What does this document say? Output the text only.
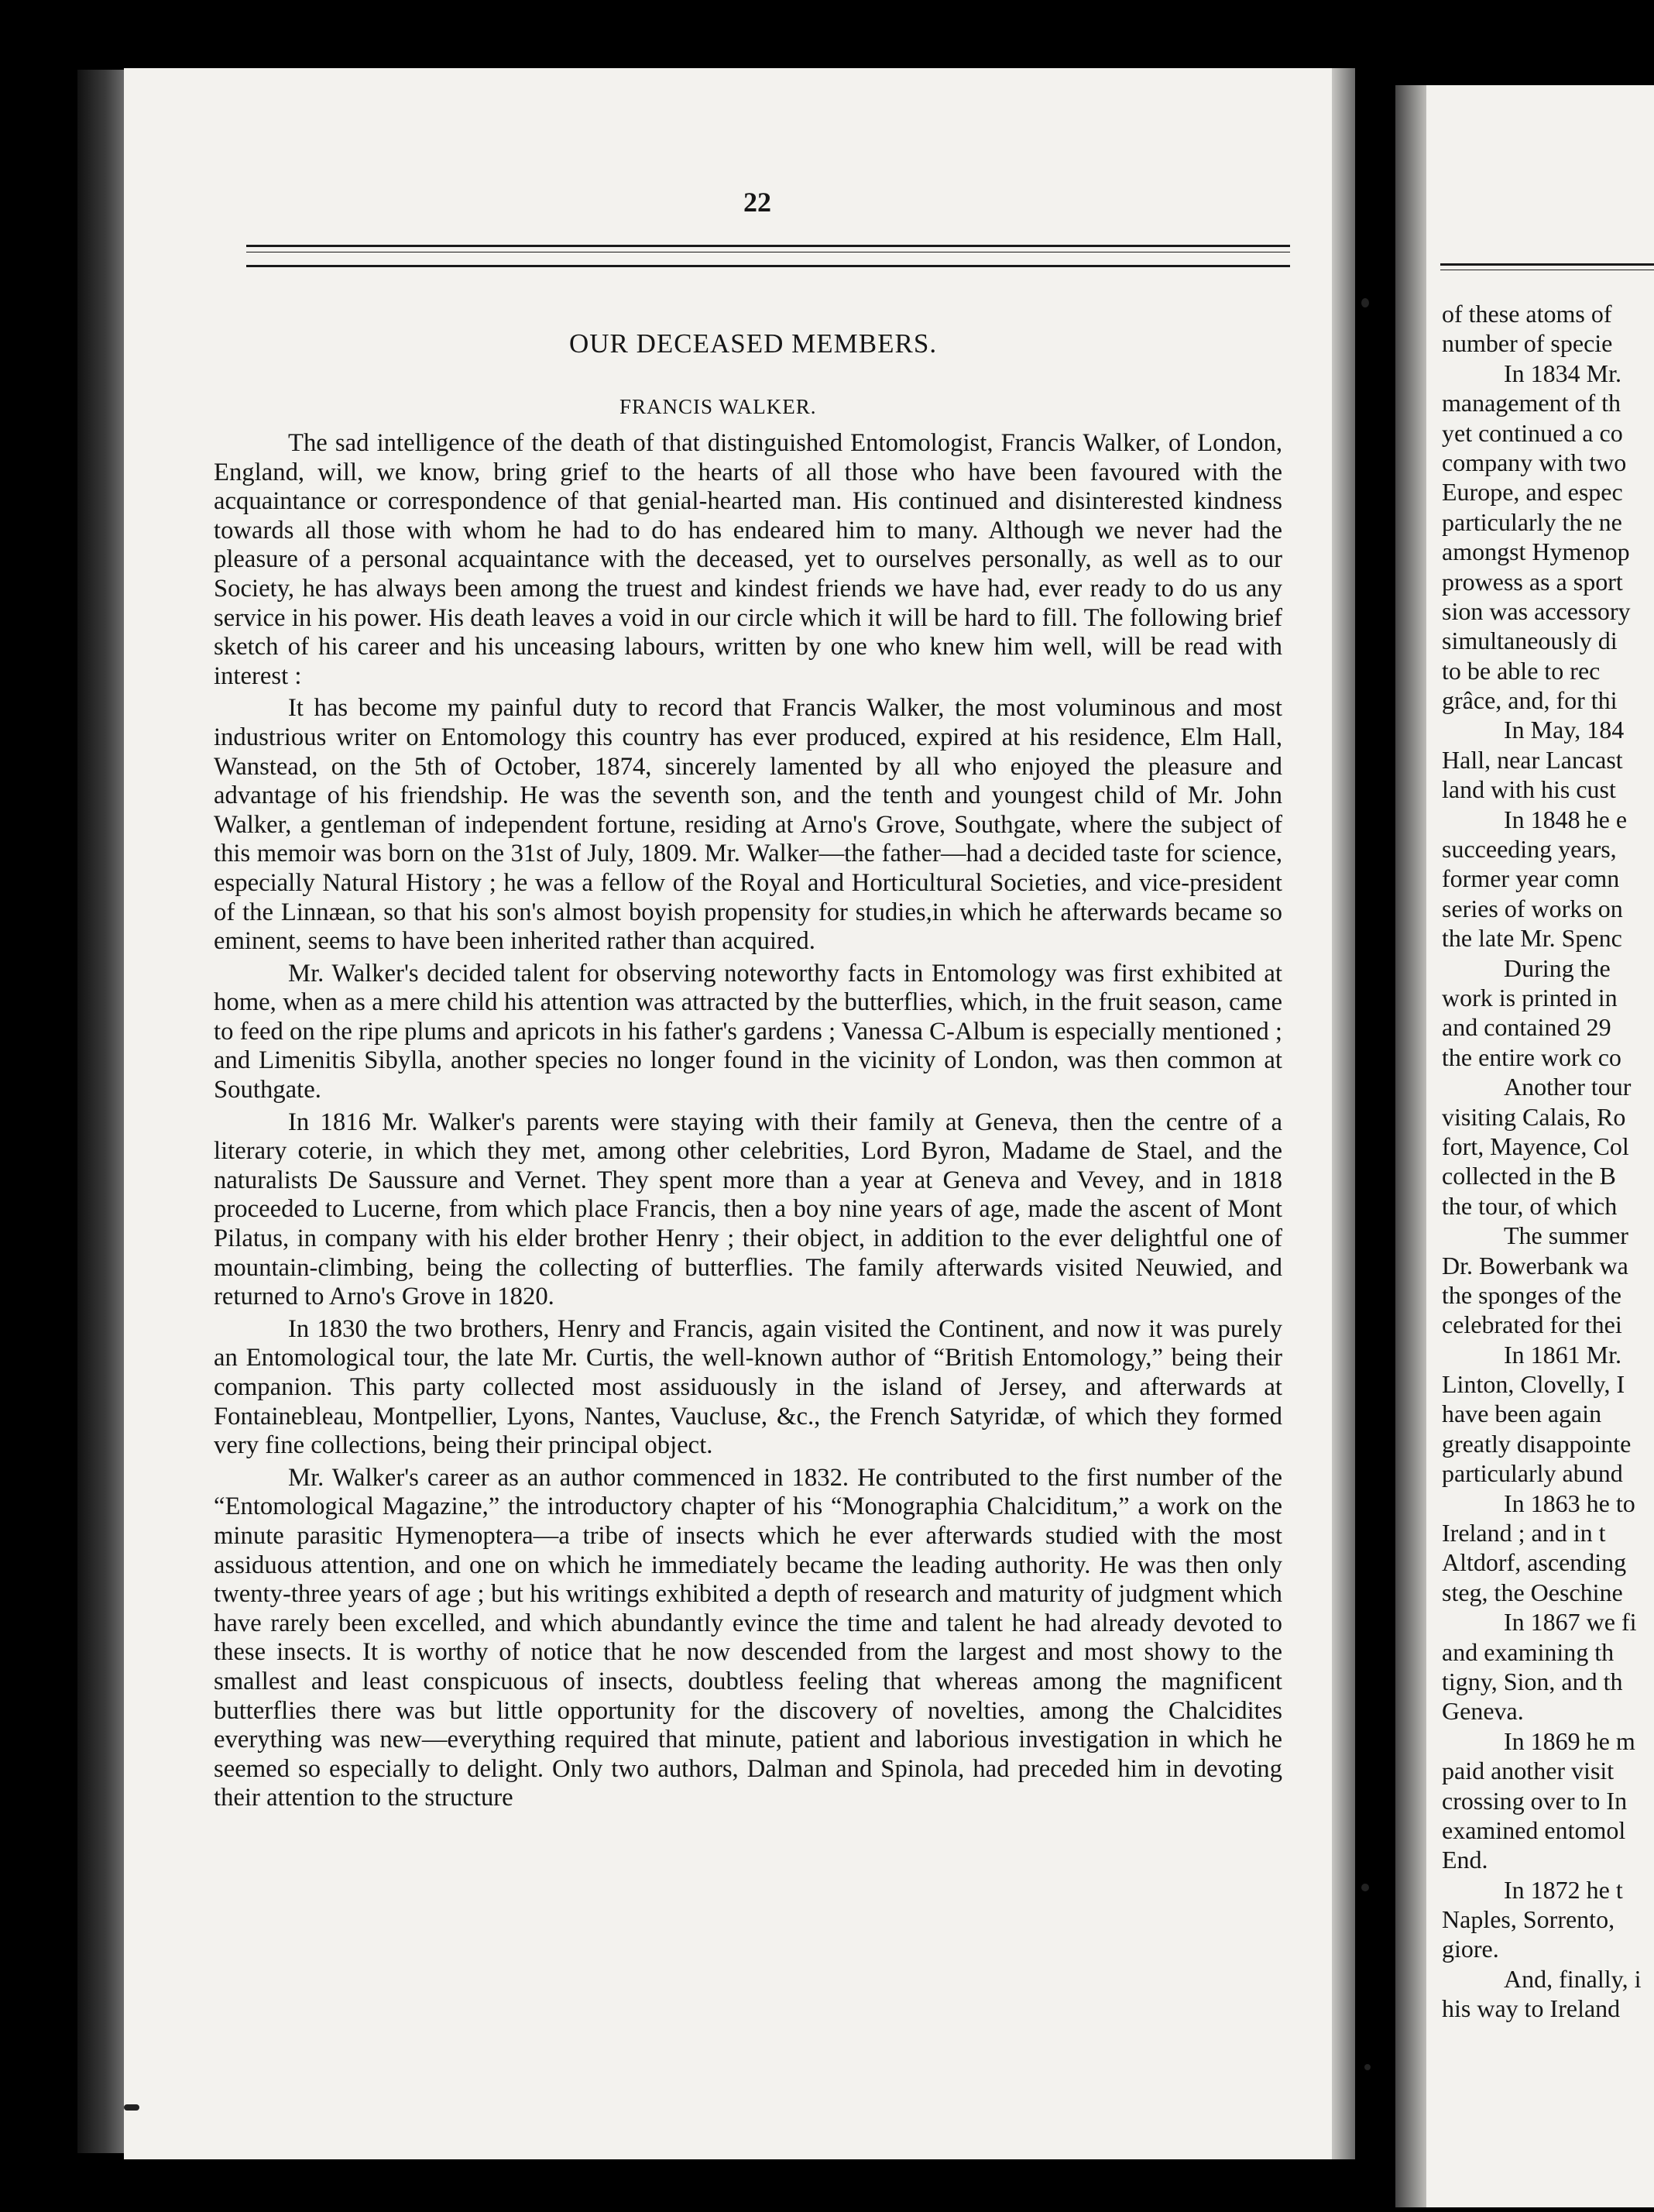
22
OUR DECEASED MEMBERS.
FRANCIS WALKER.

The sad intelligence of the death of that distinguished Entomologist, Francis Walker, of London, England, will, we know, bring grief to the hearts of all those who have been favoured with the acquaintance or correspondence of that genial-hearted man. His continued and disinterested kindness towards all those with whom he had to do has endeared him to many. Although we never had the pleasure of a personal acquaintance with the deceased, yet to ourselves personally, as well as to our Society, he has always been among the truest and kindest friends we have had, ever ready to do us any service in his power. His death leaves a void in our circle which it will be hard to fill. The following brief sketch of his career and his unceasing labours, written by one who knew him well, will be read with interest :

It has become my painful duty to record that Francis Walker, the most voluminous and most industrious writer on Entomology this country has ever produced, expired at his residence, Elm Hall, Wanstead, on the 5th of October, 1874, sincerely lamented by all who enjoyed the pleasure and advantage of his friendship. He was the seventh son, and the tenth and youngest child of Mr. John Walker, a gentleman of independent fortune, residing at Arno's Grove, Southgate, where the subject of this memoir was born on the 31st of July, 1809. Mr. Walker—the father—had a decided taste for science, especially Natural History ; he was a fellow of the Royal and Horticultural Societies, and vice-president of the Linnæan, so that his son's almost boyish propensity for studies,in which he afterwards became so eminent, seems to have been inherited rather than acquired.

Mr. Walker's decided talent for observing noteworthy facts in Entomology was first exhibited at home, when as a mere child his attention was attracted by the butterflies, which, in the fruit season, came to feed on the ripe plums and apricots in his father's gardens ; Vanessa C-Album is especially mentioned ; and Limenitis Sibylla, another species no longer found in the vicinity of London, was then common at Southgate.

In 1816 Mr. Walker's parents were staying with their family at Geneva, then the centre of a literary coterie, in which they met, among other celebrities, Lord Byron, Madame de Stael, and the naturalists De Saussure and Vernet. They spent more than a year at Geneva and Vevey, and in 1818 proceeded to Lucerne, from which place Francis, then a boy nine years of age, made the ascent of Mont Pilatus, in company with his elder brother Henry ; their object, in addition to the ever delightful one of mountain-climbing, being the collecting of butterflies. The family afterwards visited Neuwied, and returned to Arno's Grove in 1820.

In 1830 the two brothers, Henry and Francis, again visited the Continent, and now it was purely an Entomological tour, the late Mr. Curtis, the well-known author of “British Entomology,” being their companion. This party collected most assiduously in the island of Jersey, and afterwards at Fontainebleau, Montpellier, Lyons, Nantes, Vaucluse, &c., the French Satyridæ, of which they formed very fine collections, being their principal object.

Mr. Walker's career as an author commenced in 1832. He contributed to the first number of the “Entomological Magazine,” the introductory chapter of his “Monographia Chalciditum,” a work on the minute parasitic Hymenoptera—a tribe of insects which he ever afterwards studied with the most assiduous attention, and one on which he immediately became the leading authority. He was then only twenty-three years of age ; but his writings exhibited a depth of research and maturity of judgment which have rarely been excelled, and which abundantly evince the time and talent he had already devoted to these insects. It is worthy of notice that he now descended from the largest and most showy to the smallest and least conspicuous of insects, doubtless feeling that whereas among the magnificent butterflies there was but little opportunity for the discovery of novelties, among the Chalcidites everything was new—everything required that minute, patient and laborious investigation in which he seemed so especially to delight. Only two authors, Dalman and Spinola, had preceded him in devoting their attention to the structure

of these atoms of
number of specie
In 1834 Mr.
management of th
yet continued a co
company with two
Europe, and espec
particularly the ne
amongst Hymenop
prowess as a sport
sion was accessory
simultaneously di
to be able to rec
grâce, and, for thi
In May, 184
Hall, near Lancast
land with his cust
In 1848 he e
succeeding years,
former year comn
series of works on
the late Mr. Spenc
During the
work is printed in
and contained 29
the entire work co
Another tour
visiting Calais, Ro
fort, Mayence, Col
collected in the B
the tour, of which
The summer
Dr. Bowerbank wa
the sponges of the
celebrated for thei
In 1861 Mr.
Linton, Clovelly, I
have been again
greatly disappointe
particularly abund
In 1863 he to
Ireland ; and in t
Altdorf, ascending
steg, the Oeschine
In 1867 we fi
and examining th
tigny, Sion, and th
Geneva.
In 1869 he m
paid another visit
crossing over to In
examined entomol
End.
In 1872 he t
Naples, Sorrento,
giore.
And, finally, i
his way to Ireland
